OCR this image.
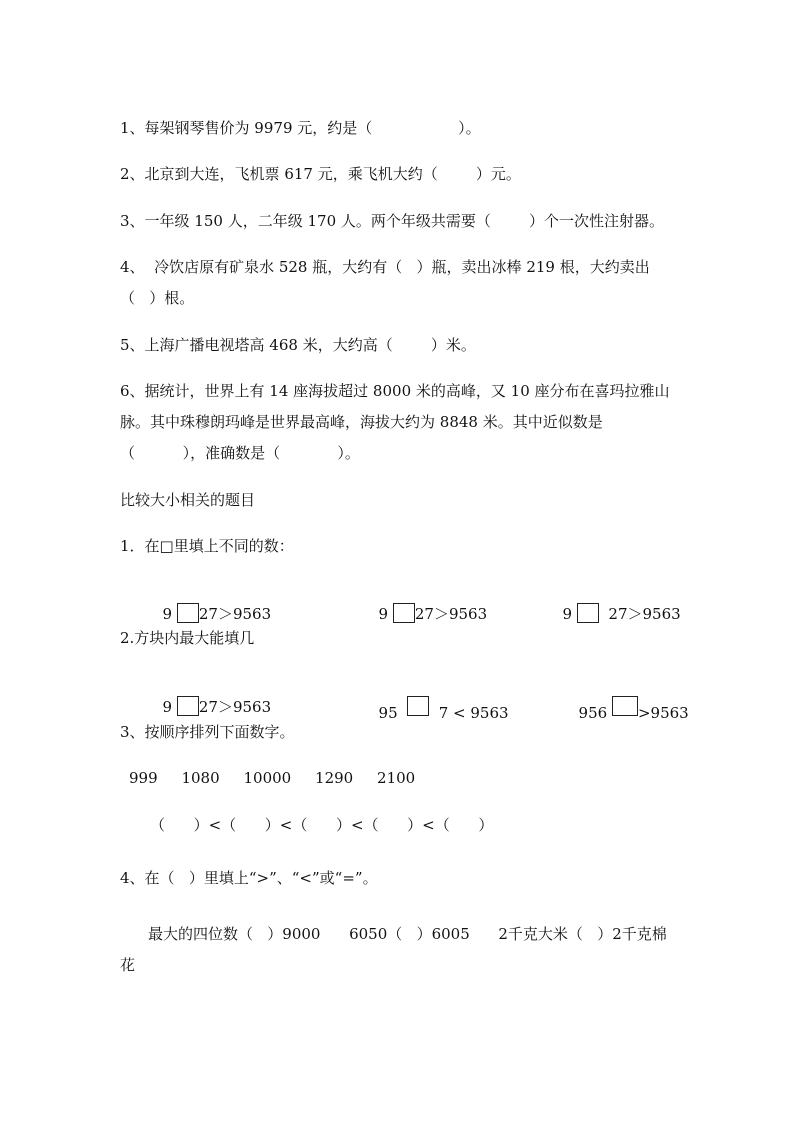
1、每架钢琴售价为 9979 元，约是（                  ）。
2、北京到大连，飞机票 617 元，乘飞机大约（        ）元。
3、一年级 150 人，二年级 170 人。两个年级共需要（        ）个一次性注射器。
4、  冷饮店原有矿泉水 528 瓶，大约有（   ）瓶，卖出冰棒 219 根，大约卖出
（   ）根。
5、上海广播电视塔高 468 米，大约高（        ）米。
6、据统计，世界上有 14 座海拔超过 8000 米的高峰，又 10 座分布在喜玛拉雅山
脉。其中珠穆朗玛峰是世界最高峰，海拔大约为 8848 米。其中近似数是
（          ），准确数是（            ）。
比较大小相关的题目
1．在□里填上不同的数：

9 27＞9563	9 27＞9563	9   27＞9563

2.方块内最大能填几

9 27＞9563	95    7 < 9563	956 >9563

3、按顺序排列下面数字。
999     1080     10000     1290     2100
（      ）<（      ）<（      ）<（      ）<（      ）
4、在（   ）里填上“>”、“<”或“=”。
最大的四位数（   ）9000      6050（   ）6005      2千克大米（   ）2千克棉
花
